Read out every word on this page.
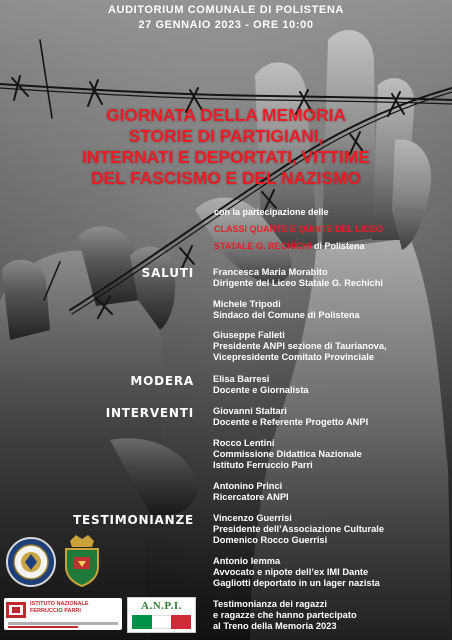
AUDITORIUM COMUNALE DI POLISTENA
27 GENNAIO 2023 - ORE 10:00
GIORNATA DELLA MEMORIA
STORIE DI PARTIGIANI,
INTERNATI E DEPORTATI, VITTIME
DEL FASCISMO E DEL NAZISMO
con la partecipazione delle
CLASSI QUARTE E QUINTE DEL LICEO
STATALE G. RECHICHI di Polistena
SALUTI
MODERA
INTERVENTI
TESTIMONIANZE
Francesca Maria Morabito
Dirigente del Liceo Statale G. Rechichi
Michele Tripodi
Sindaco del Comune di Polistena
Giuseppe Falleti
Presidente ANPI sezione di Taurianova,
Vicepresidente Comitato Provinciale
Elisa Barresi
Docente e Giornalista
Giovanni Staltari
Docente e Referente Progetto ANPI
Rocco Lentini
Commissione Didattica Nazionale
Istituto Ferruccio Parri
Antonino Princi
Ricercatore ANPI
Vincenzo Guerrisi
Presidente dell’Associazione Culturale
Domenico Rocco Guerrisi
Antonio Iemma
Avvocato e nipote dell’ex IMI Dante
Gagliotti deportato in un lager nazista
Testimonianza dei ragazzi
e ragazze che hanno partecipato
al Treno della Memoria 2023
ISTITUTO NAZIONALE
FERRUCCIO PARRI	A.N.P.I.
